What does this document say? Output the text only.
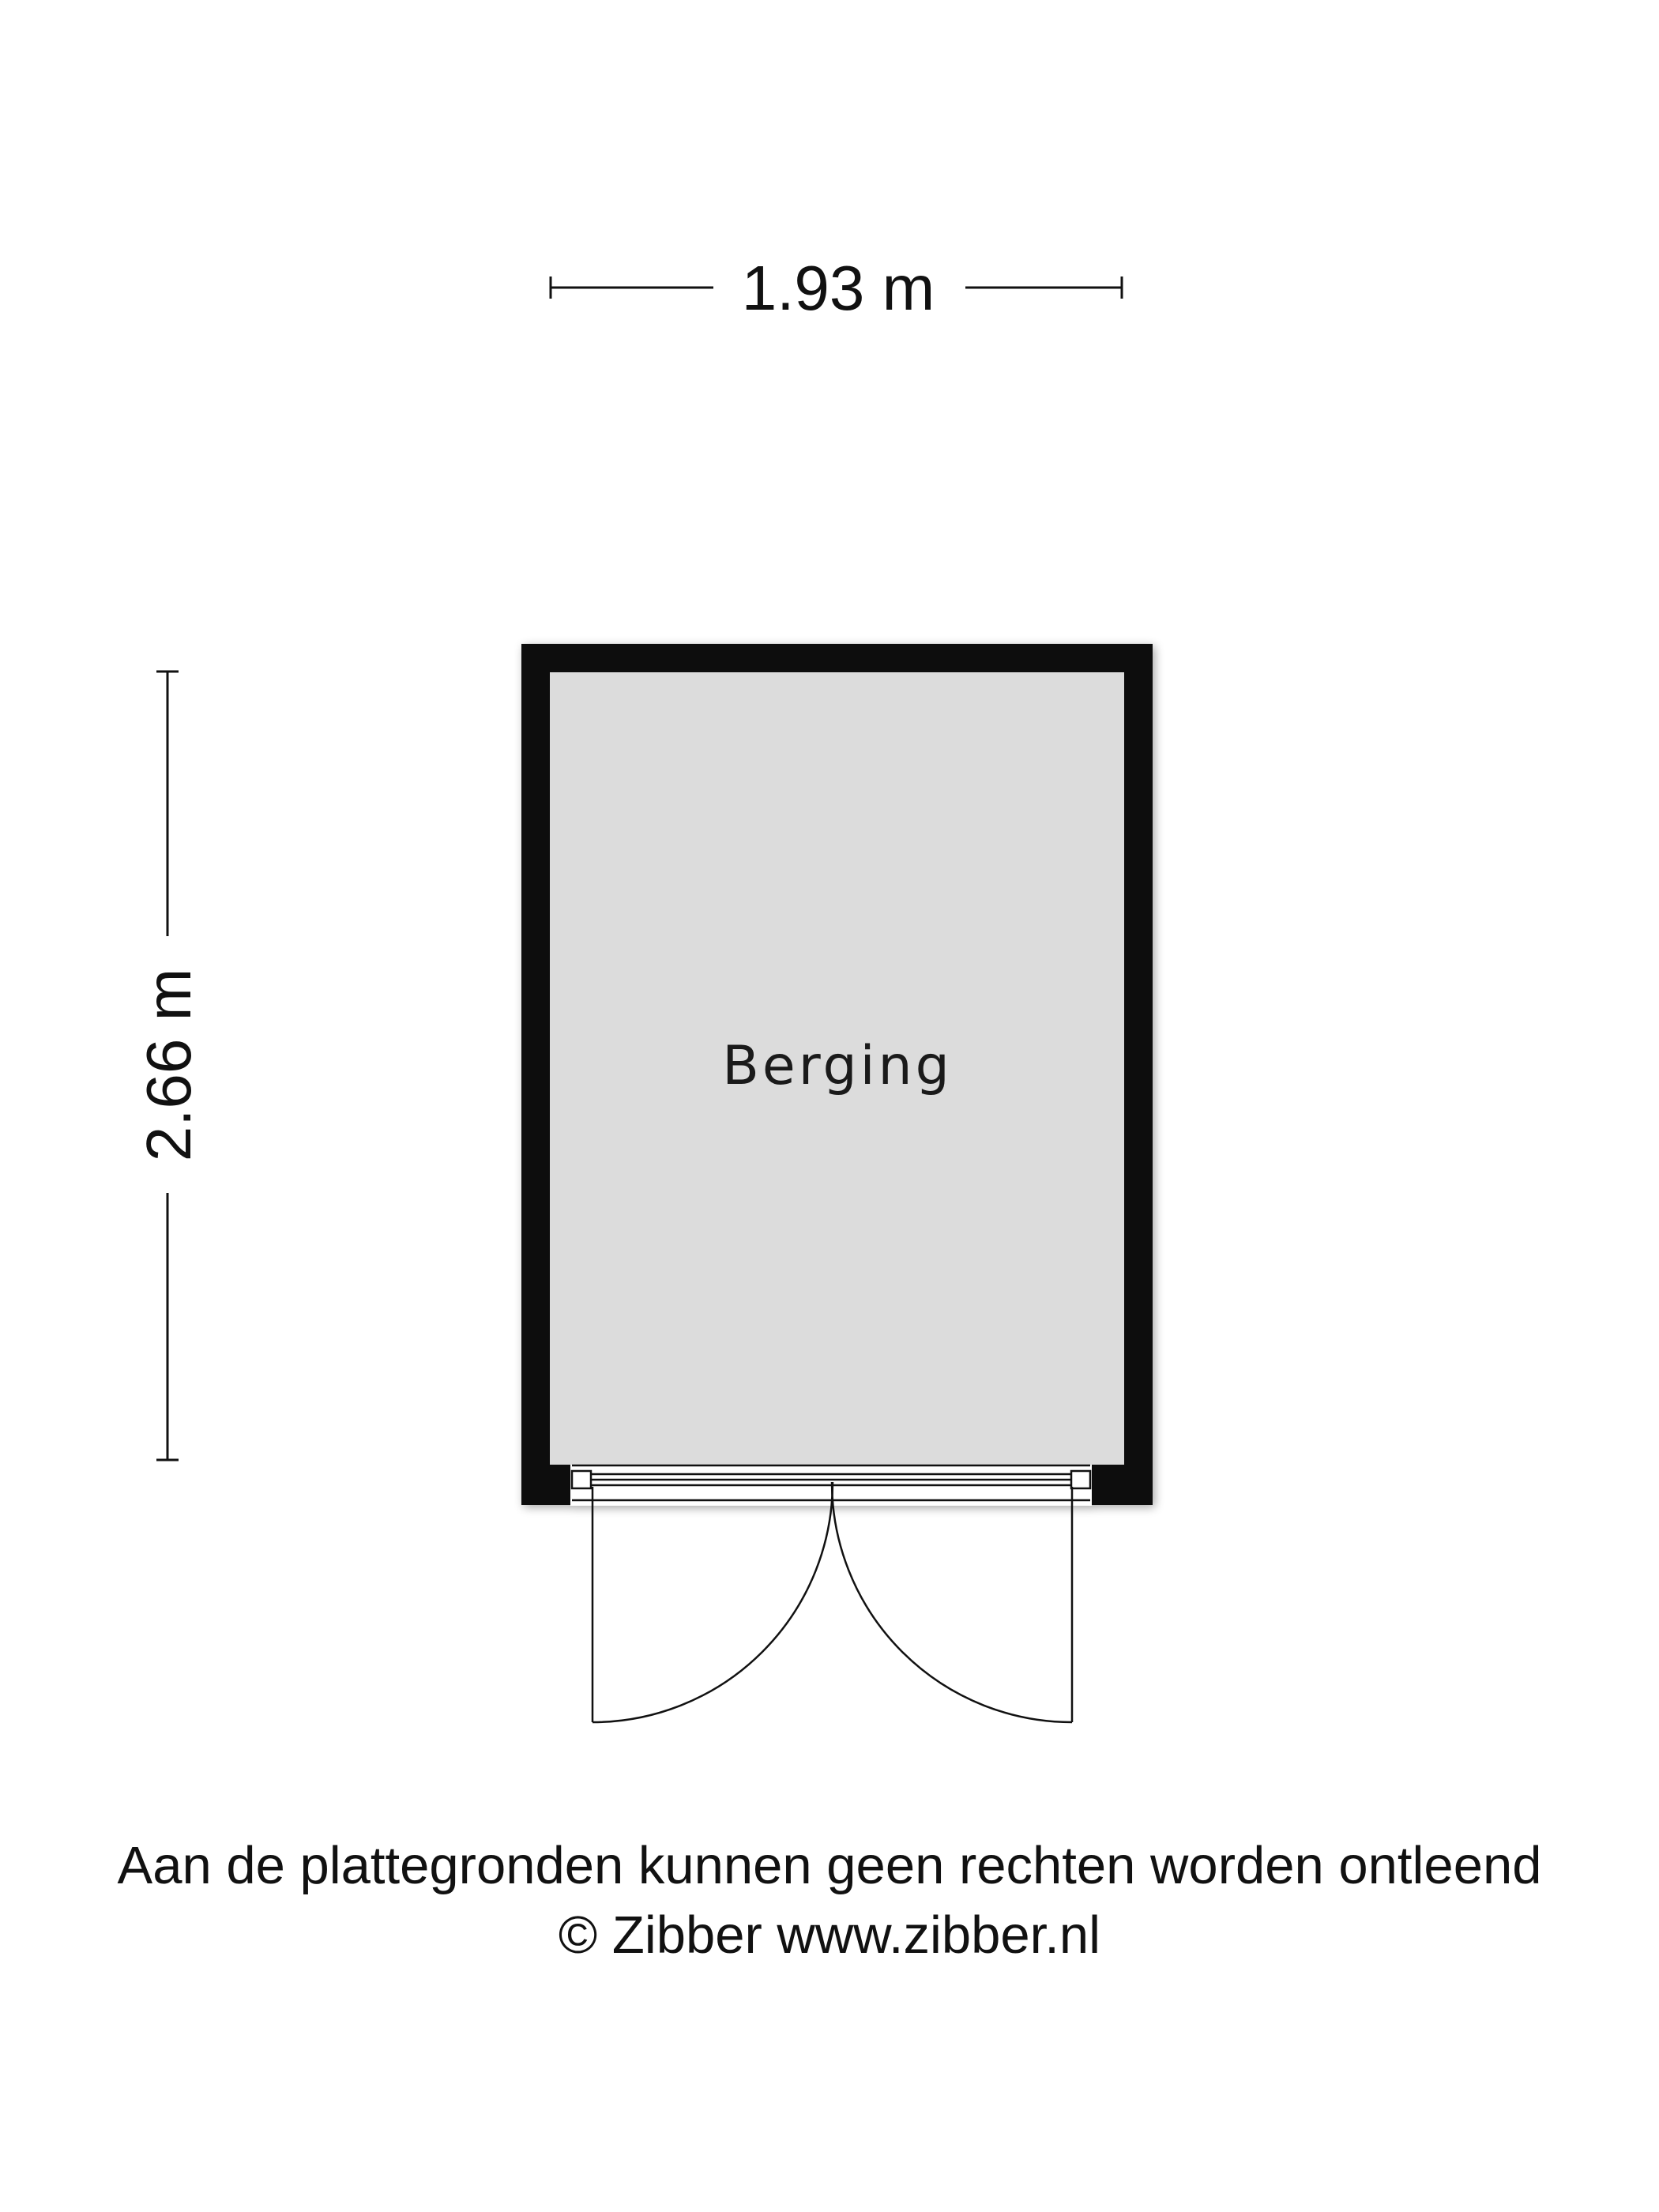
1.93 m
2.66 m	Berging
Aan de plattegronden kunnen geen rechten worden ontleend
© Zibber www.zibber.nl
